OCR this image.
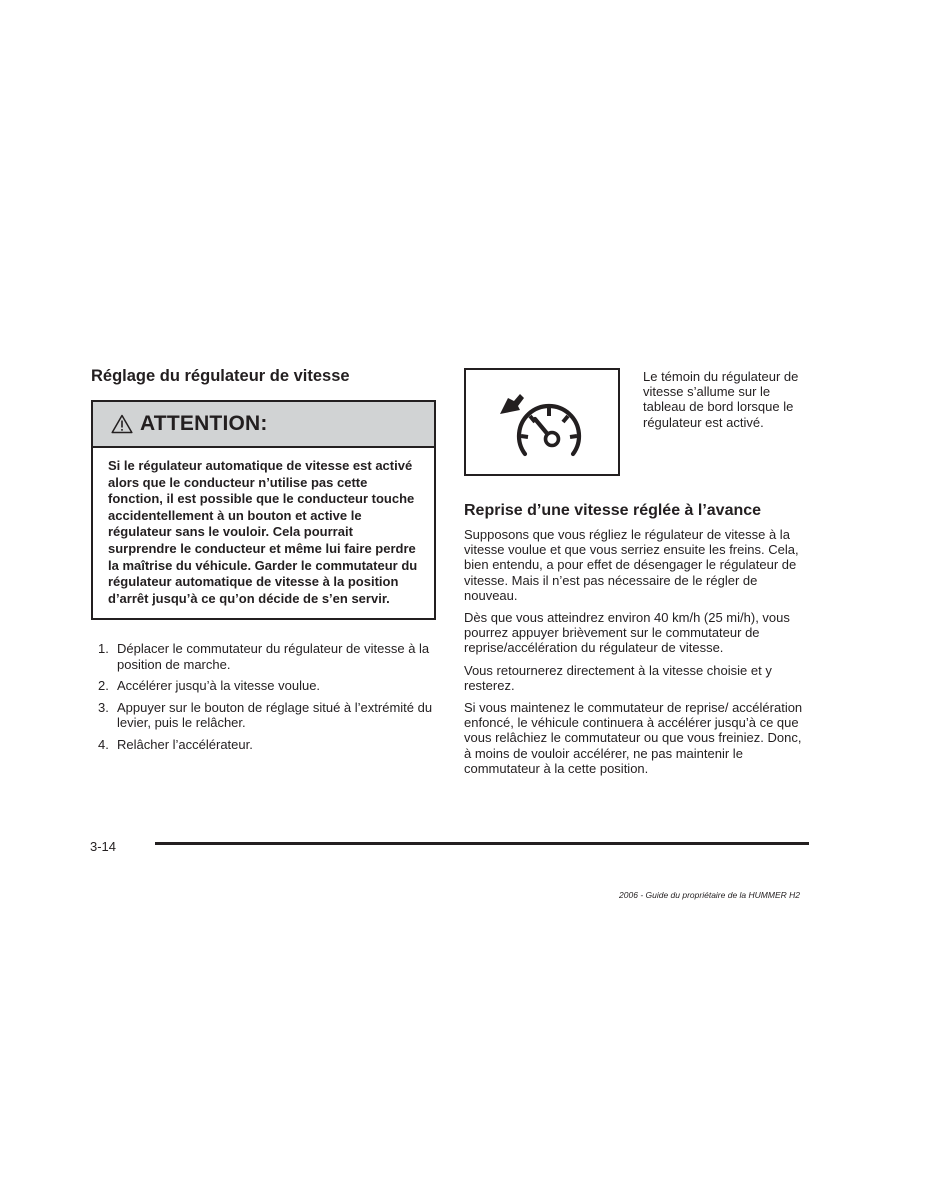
Réglage du régulateur de vitesse
ATTENTION:
Si le régulateur automatique de vitesse est activé alors que le conducteur n’utilise pas cette fonction, il est possible que le conducteur touche accidentellement à un bouton et active le régulateur sans le vouloir. Cela pourrait surprendre le conducteur et même lui faire perdre la maîtrise du véhicule. Garder le commutateur du régulateur automatique de vitesse à la position d’arrêt jusqu’à ce qu’on décide de s’en servir.
1. Déplacer le commutateur du régulateur de vitesse à la position de marche.
2. Accélérer jusqu’à la vitesse voulue.
3. Appuyer sur le bouton de réglage situé à l’extrémité du levier, puis le relâcher.
4. Relâcher l’accélérateur.
Le témoin du régulateur de vitesse s’allume sur le tableau de bord lorsque le régulateur est activé.
Reprise d’une vitesse réglée à l’avance

Supposons que vous régliez le régulateur de vitesse à la vitesse voulue et que vous serriez ensuite les freins. Cela, bien entendu, a pour effet de désengager le régulateur de vitesse. Mais il n’est pas nécessaire de le régler de nouveau.

Dès que vous atteindrez environ 40 km/h (25 mi/h), vous pourrez appuyer brièvement sur le commutateur de reprise/accélération du régulateur de vitesse.

Vous retournerez directement à la vitesse choisie et y resterez.

Si vous maintenez le commutateur de reprise/ accélération enfoncé, le véhicule continuera à accélérer jusqu’à ce que vous relâchiez le commutateur ou que vous freiniez. Donc, à moins de vouloir accélérer, ne pas maintenir le commutateur à la cette position.

3-14
2006 - Guide du propriétaire de la HUMMER H2
